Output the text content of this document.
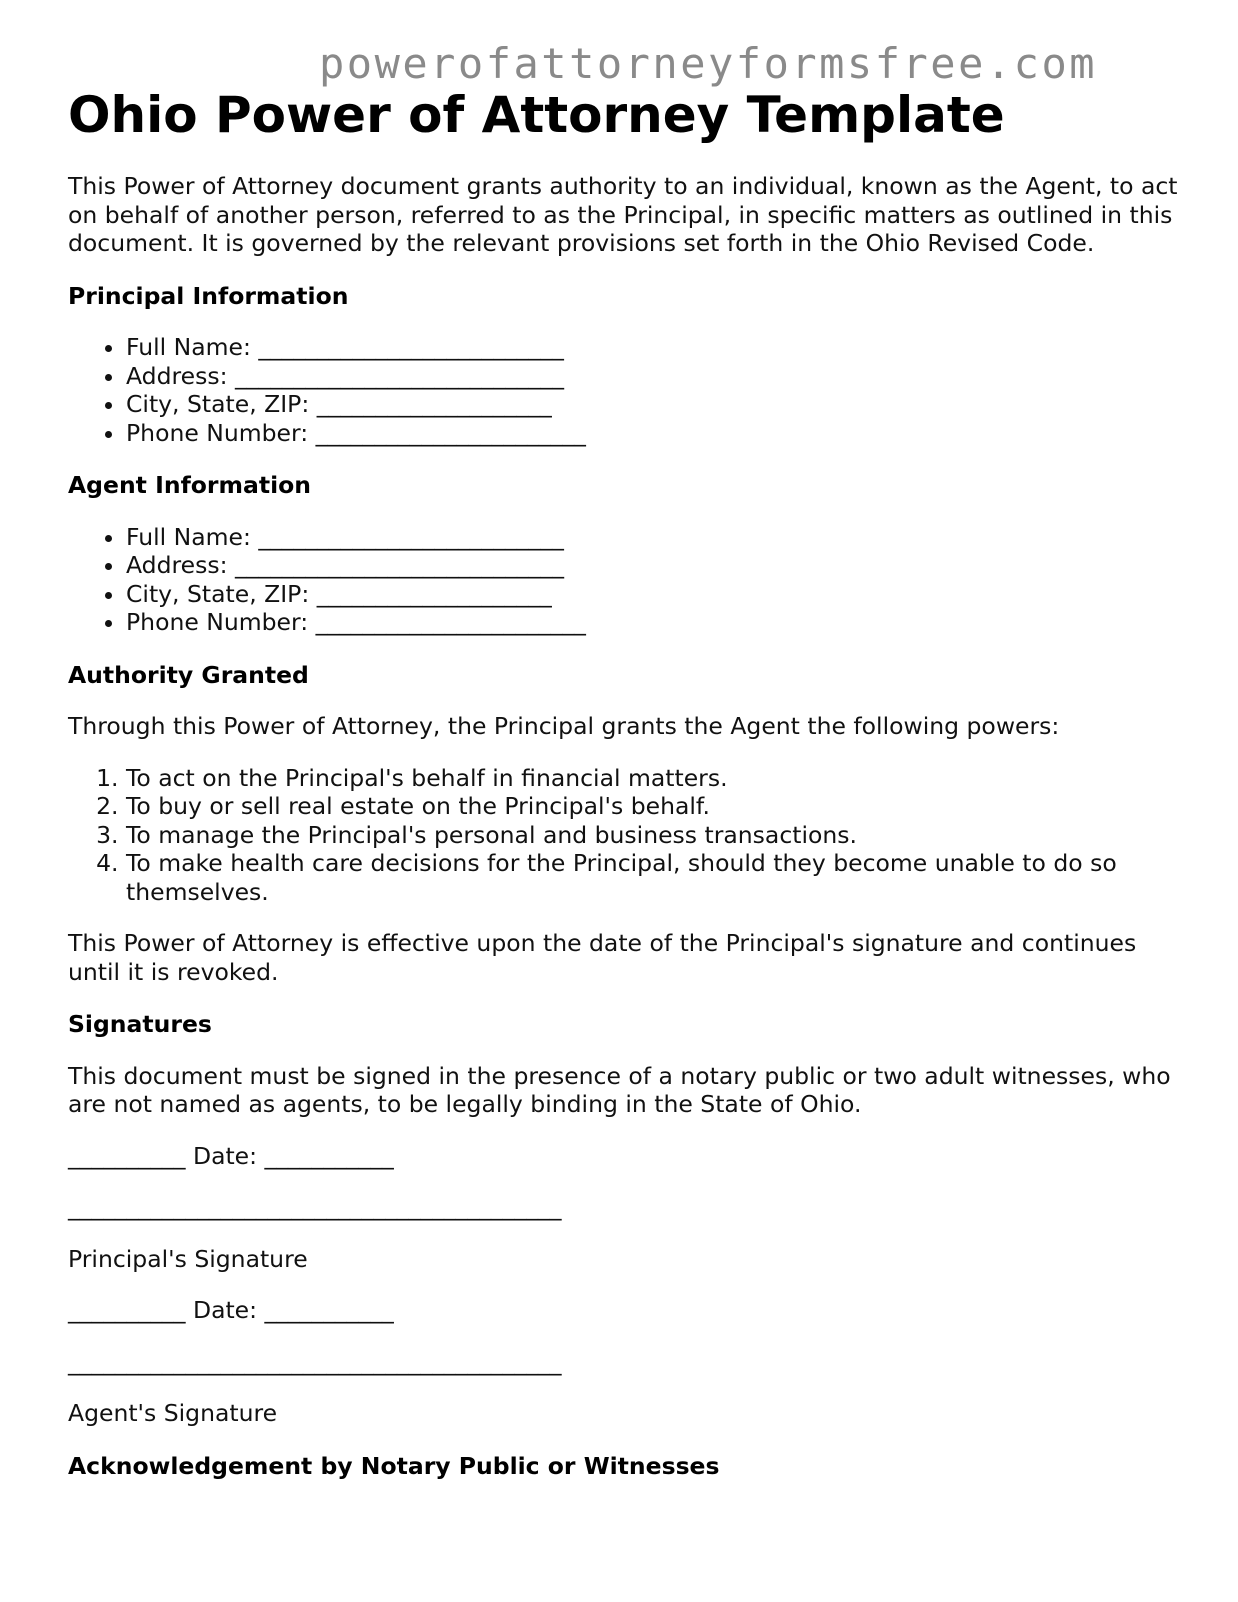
powerofattorneyformsfree.com
Ohio Power of Attorney Template

This Power of Attorney document grants authority to an individual, known as the Agent, to act on behalf of another person, referred to as the Principal, in specific matters as outlined in this document. It is governed by the relevant provisions set forth in the Ohio Revised Code.

Principal Information
• Full Name: __________________________
• Address: ____________________________
• City, State, ZIP: ____________________
• Phone Number: _______________________
Agent Information
• Full Name: __________________________
• Address: ____________________________
• City, State, ZIP: ____________________
• Phone Number: _______________________
Authority Granted

Through this Power of Attorney, the Principal grants the Agent the following powers:

1. To act on the Principal's behalf in financial matters.
2. To buy or sell real estate on the Principal's behalf.
3. To manage the Principal's personal and business transactions.
4. To make health care decisions for the Principal, should they become unable to do so themselves.

This Power of Attorney is effective upon the date of the Principal's signature and continues until it is revoked.

Signatures

This document must be signed in the presence of a notary public or two adult witnesses, who are not named as agents, to be legally binding in the State of Ohio.

__________ Date: ___________

__________________________________________

Principal's Signature

__________ Date: ___________

__________________________________________

Agent's Signature

Acknowledgement by Notary Public or Witnesses
